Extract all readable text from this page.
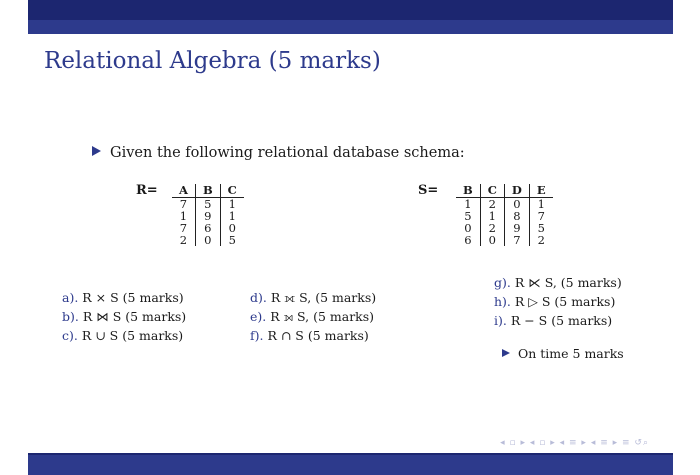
Relational Algebra (5 marks)
Given the following relational database schema:
R= A	B	C
7	5	1
1	9	1
7	6	0
2	0	5
S= B	C	D	E
1	2	0	1
5	1	8	7
0	2	9	5
6	0	7	2
a). R × S (5 marks)
b). R ⋈ S (5 marks)
c). R ∪ S (5 marks)
d). R ⟗ S, (5 marks)
e). R ⟕ S, (5 marks)
f). R ∩ S (5 marks)
g). R ⋉ S, (5 marks)
h). R ▷ S (5 marks)
i). R − S (5 marks)
On time 5 marks
◂ ▫ ▸ ◂ ▫ ▸ ◂ ≡ ▸ ◂ ≡ ▸ ≡ ↺⌕
